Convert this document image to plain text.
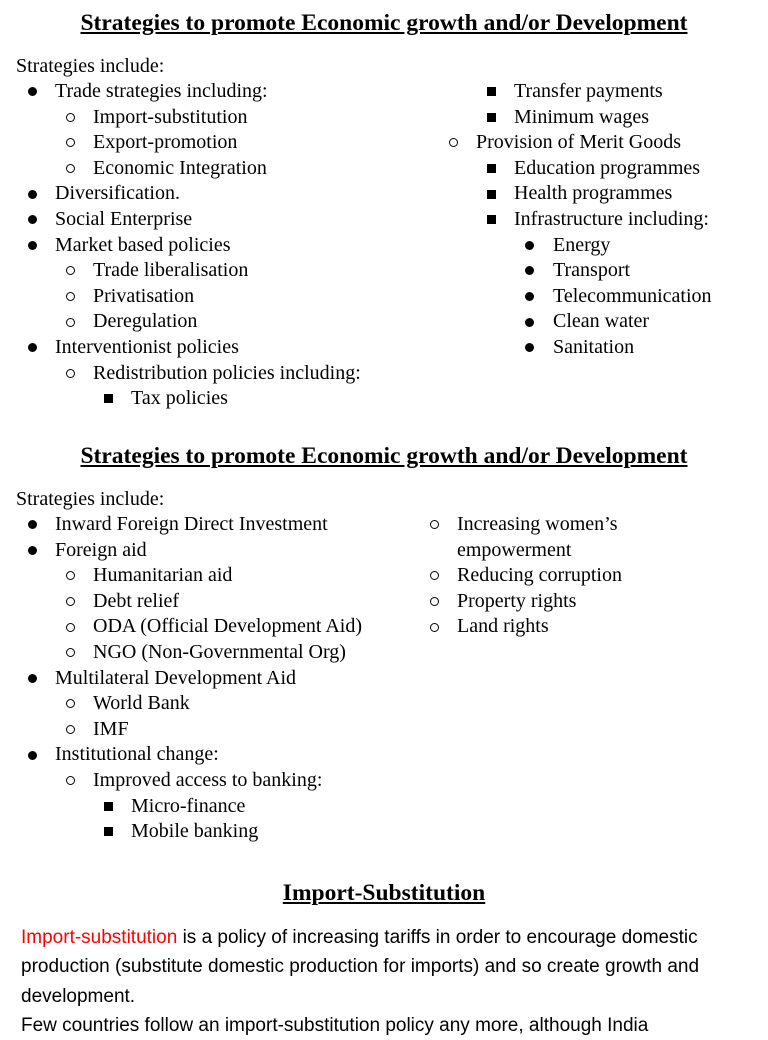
Strategies to promote Economic growth and/or Development
Strategies include:
Trade strategies including:
Import-substitution
Export-promotion
Economic Integration
Diversification.
Social Enterprise
Market based policies
Trade liberalisation
Privatisation
Deregulation
Interventionist policies
Redistribution policies including:
Tax policies
Transfer payments
Minimum wages
Provision of Merit Goods
Education programmes
Health programmes
Infrastructure including:
Energy
Transport
Telecommunication
Clean water
Sanitation
Strategies to promote Economic growth and/or Development
Strategies include:
Inward Foreign Direct Investment
Foreign aid
Humanitarian aid
Debt relief
ODA (Official Development Aid)
NGO (Non-Governmental Org)
Multilateral Development Aid
World Bank
IMF
Institutional change:
Improved access to banking:
Micro-finance
Mobile banking
Increasing women’s empowerment
Reducing corruption
Property rights
Land rights
Import-Substitution

Import-substitution is a policy of increasing tariffs in order to encourage domestic production (substitute domestic production for imports) and so create growth and development.

Few countries follow an import-substitution policy any more, although India
